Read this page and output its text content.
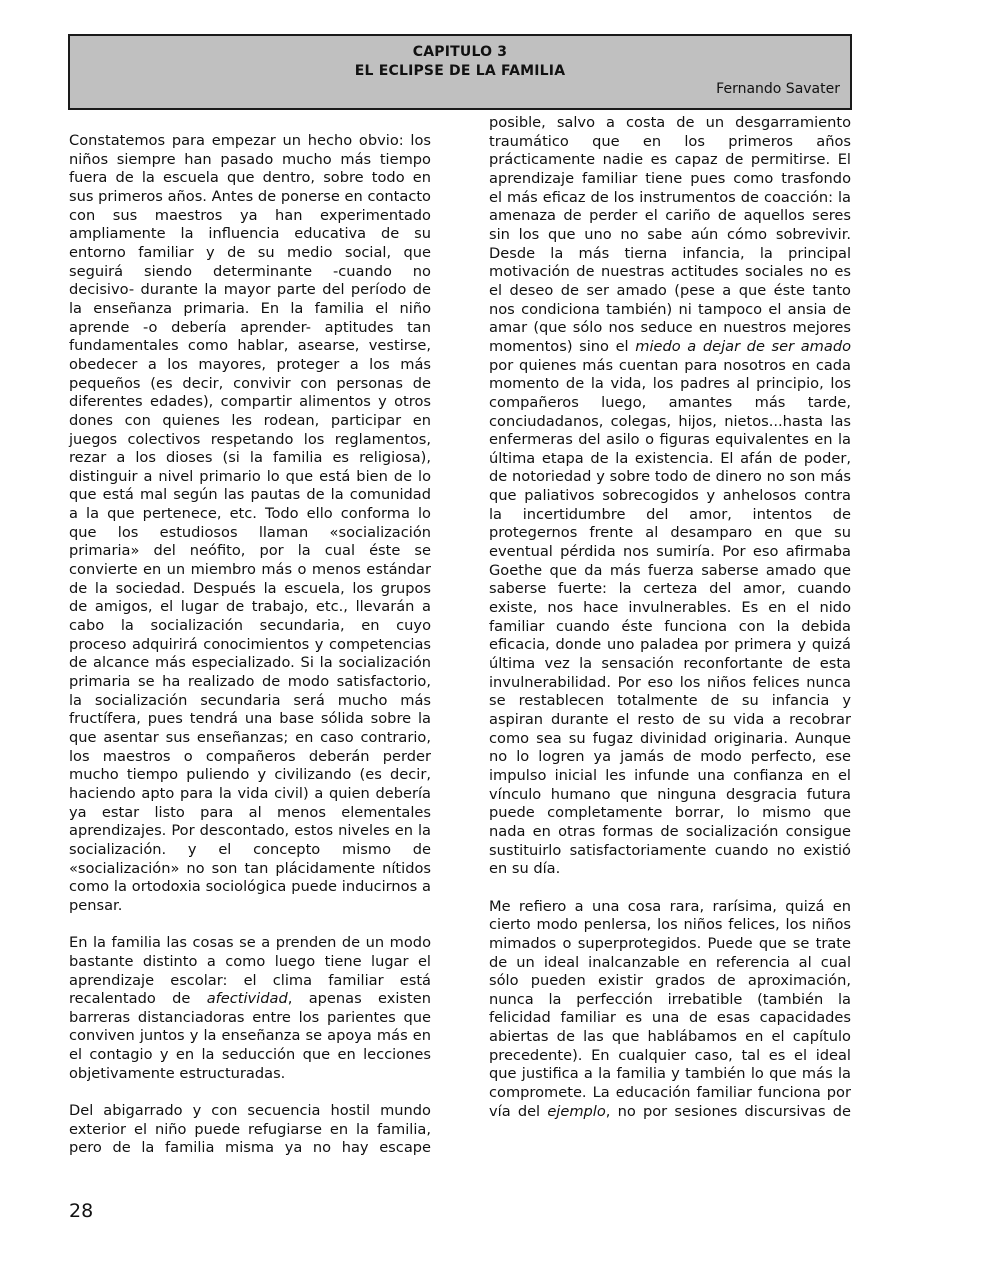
CAPITULO 3
EL ECLIPSE DE LA FAMILIA
Fernando Savater

Constatemos para empezar un hecho obvio: los niños siempre han pasado mucho más tiempo fuera de la escuela que dentro, sobre todo en sus primeros años. Antes de ponerse en contacto con sus maestros ya han experimentado ampliamente la influencia educativa de su entorno familiar y de su medio social, que seguirá siendo determinante -cuando no decisivo- durante la mayor parte del período de la enseñanza primaria. En la familia el niño aprende -o debería aprender- aptitudes tan fundamentales como hablar, asearse, vestirse, obedecer a los mayores, proteger a los más pequeños (es decir, convivir con personas de diferentes edades), compartir alimentos y otros dones con quienes les rodean, participar en juegos colectivos respetando los reglamentos, rezar a los dioses (si la familia es religiosa), distinguir a nivel primario lo que está bien de lo que está mal según las pautas de la comunidad a la que pertenece, etc. Todo ello conforma lo que los estudiosos llaman «socialización primaria» del neófito, por la cual éste se convierte en un miembro más o menos estándar de la sociedad. Después la escuela, los grupos de amigos, el lugar de trabajo, etc., llevarán a cabo la socialización secundaria, en cuyo proceso adquirirá conocimientos y competencias de alcance más especializado. Si la socialización primaria se ha realizado de modo satisfactorio, la socialización secundaria será mucho más fructífera, pues tendrá una base sólida sobre la que asentar sus enseñanzas; en caso contrario, los maestros o compañeros deberán perder mucho tiempo puliendo y civilizando (es decir, haciendo apto para la vida civil) a quien debería ya estar listo para al menos elementales aprendizajes. Por descontado, estos niveles en la socialización. y el concepto mismo de «socialización» no son tan plácidamente nítidos como la ortodoxia sociológica puede inducirnos a pensar.

En la familia las cosas se a prenden de un modo bastante distinto a como luego tiene lugar el aprendizaje escolar: el clima familiar está recalentado de afectividad, apenas existen barreras distanciadoras entre los parientes que conviven juntos y la enseñanza se apoya más en el contagio y en la seducción que en lecciones objetivamente estructuradas.

Del abigarrado y con secuencia hostil mundo exterior el niño puede refugiarse en la familia, pero de la familia misma ya no hay escape

posible, salvo a costa de un desgarramiento traumático que en los primeros años prácticamente nadie es capaz de permitirse. El aprendizaje familiar tiene pues como trasfondo el más eficaz de los instrumentos de coacción: la amenaza de perder el cariño de aquellos seres sin los que uno no sabe aún cómo sobrevivir. Desde la más tierna infancia, la principal motivación de nuestras actitudes sociales no es el deseo de ser amado (pese a que éste tanto nos condiciona también) ni tampoco el ansia de amar (que sólo nos seduce en nuestros mejores momentos) sino el miedo a dejar de ser amado por quienes más cuentan para nosotros en cada momento de la vida, los padres al principio, los compañeros luego, amantes más tarde, conciudadanos, colegas, hijos, nietos...hasta las enfermeras del asilo o figuras equivalentes en la última etapa de la existencia. El afán de poder, de notoriedad y sobre todo de dinero no son más que paliativos sobrecogidos y anhelosos contra la incertidumbre del amor, intentos de protegernos frente al desamparo en que su eventual pérdida nos sumiría. Por eso afirmaba Goethe que da más fuerza saberse amado que saberse fuerte: la certeza del amor, cuando existe, nos hace invulnerables. Es en el nido familiar cuando éste funciona con la debida eficacia, donde uno paladea por primera y quizá última vez la sensación reconfortante de esta invulnerabilidad. Por eso los niños felices nunca se restablecen totalmente de su infancia y aspiran durante el resto de su vida a recobrar como sea su fugaz divinidad originaria. Aunque no lo logren ya jamás de modo perfecto, ese impulso inicial les infunde una confianza en el vínculo humano que ninguna desgracia futura puede completamente borrar, lo mismo que nada en otras formas de socialización consigue sustituirlo satisfactoriamente cuando no existió en su día.

Me refiero a una cosa rara, rarísima, quizá en cierto modo penlersa, los niños felices, los niños mimados o superprotegidos. Puede que se trate de un ideal inalcanzable en referencia al cual sólo pueden existir grados de aproximación, nunca la perfección irrebatible (también la felicidad familiar es una de esas capacidades abiertas de las que hablábamos en el capítulo precedente). En cualquier caso, tal es el ideal que justifica a la familia y también lo que más la compromete. La educación familiar funciona por vía del ejemplo, no por sesiones discursivas de

28
